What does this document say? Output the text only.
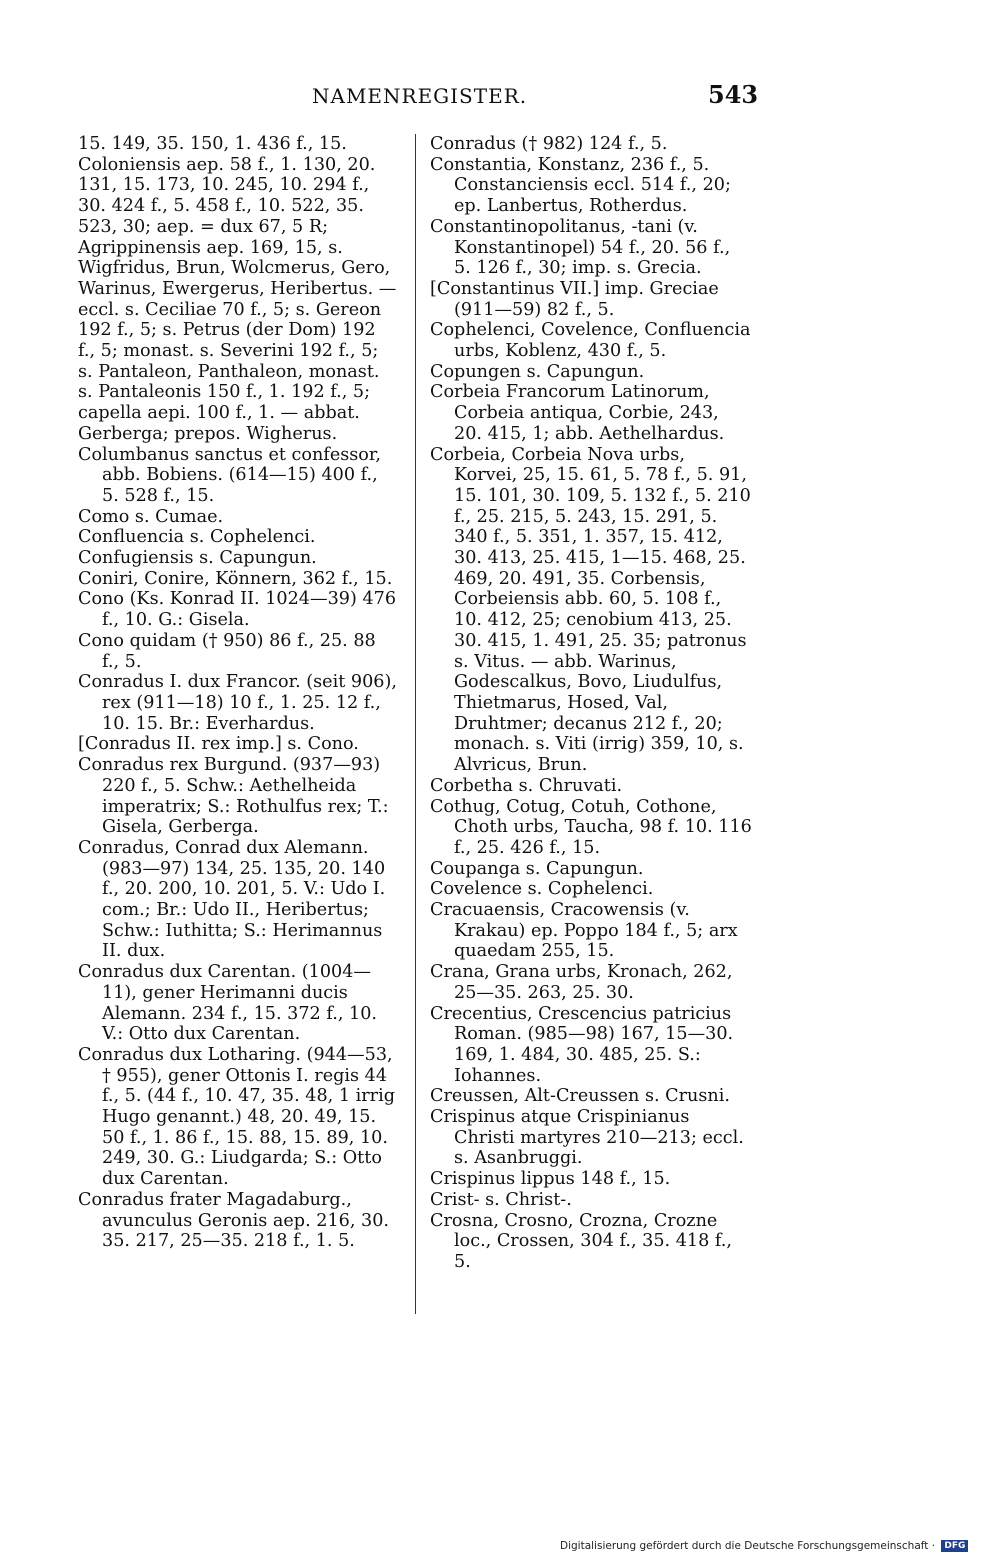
NAMENREGISTER.	543

15. 149, 35. 150, 1. 436 f., 15. Coloniensis aep. 58 f., 1. 130, 20. 131, 15. 173, 10. 245, 10. 294 f., 30. 424 f., 5. 458 f., 10. 522, 35. 523, 30; aep. = dux 67, 5 R; Agrippinensis aep. 169, 15, s. Wigfridus, Brun, Wolcmerus, Gero, Warinus, Ewergerus, Heribertus. — eccl. s. Ceciliae 70 f., 5; s. Gereon 192 f., 5; s. Petrus (der Dom) 192 f., 5; monast. s. Severini 192 f., 5; s. Pantaleon, Panthaleon, monast. s. Pantaleonis 150 f., 1. 192 f., 5; capella aepi. 100 f., 1. — abbat. Gerberga; prepos. Wigherus.

Columbanus sanctus et confessor, abb. Bobiens. (614—15) 400 f., 5. 528 f., 15.

Como s. Cumae.

Confluencia s. Cophelenci.

Confugiensis s. Capungun.

Coniri, Conire, Könnern, 362 f., 15.

Cono (Ks. Konrad II. 1024—39) 476 f., 10. G.: Gisela.

Cono quidam († 950) 86 f., 25. 88 f., 5.

Conradus I. dux Francor. (seit 906), rex (911—18) 10 f., 1. 25. 12 f., 10. 15. Br.: Everhardus.

[Conradus II. rex imp.] s. Cono.

Conradus rex Burgund. (937—93) 220 f., 5. Schw.: Aethelheida imperatrix; S.: Rothulfus rex; T.: Gisela, Gerberga.

Conradus, Conrad dux Alemann. (983—97) 134, 25. 135, 20. 140 f., 20. 200, 10. 201, 5. V.: Udo I. com.; Br.: Udo II., Heribertus; Schw.: Iuthitta; S.: Herimannus II. dux.

Conradus dux Carentan. (1004—11), gener Herimanni ducis Alemann. 234 f., 15. 372 f., 10. V.: Otto dux Carentan.

Conradus dux Lotharing. (944—53, † 955), gener Ottonis I. regis 44 f., 5. (44 f., 10. 47, 35. 48, 1 irrig Hugo genannt.) 48, 20. 49, 15. 50 f., 1. 86 f., 15. 88, 15. 89, 10. 249, 30. G.: Liudgarda; S.: Otto dux Carentan.

Conradus frater Magadaburg., avunculus Geronis aep. 216, 30. 35. 217, 25—35. 218 f., 1. 5.

Conradus († 982) 124 f., 5.

Constantia, Konstanz, 236 f., 5. Constanciensis eccl. 514 f., 20; ep. Lanbertus, Rotherdus.

Constantinopolitanus, -tani (v. Konstantinopel) 54 f., 20. 56 f., 5. 126 f., 30; imp. s. Grecia.

[Constantinus VII.] imp. Greciae (911—59) 82 f., 5.

Cophelenci, Covelence, Confluencia urbs, Koblenz, 430 f., 5.

Copungen s. Capungun.

Corbeia Francorum Latinorum, Corbeia antiqua, Corbie, 243, 20. 415, 1; abb. Aethelhardus.

Corbeia, Corbeia Nova urbs, Korvei, 25, 15. 61, 5. 78 f., 5. 91, 15. 101, 30. 109, 5. 132 f., 5. 210 f., 25. 215, 5. 243, 15. 291, 5. 340 f., 5. 351, 1. 357, 15. 412, 30. 413, 25. 415, 1—15. 468, 25. 469, 20. 491, 35. Corbensis, Corbeiensis abb. 60, 5. 108 f., 10. 412, 25; cenobium 413, 25. 30. 415, 1. 491, 25. 35; patronus s. Vitus. — abb. Warinus, Godescalkus, Bovo, Liudulfus, Thietmarus, Hosed, Val, Druhtmer; decanus 212 f., 20; monach. s. Viti (irrig) 359, 10, s. Alvricus, Brun.

Corbetha s. Chruvati.

Cothug, Cotug, Cotuh, Cothone, Choth urbs, Taucha, 98 f. 10. 116 f., 25. 426 f., 15.

Coupanga s. Capungun.

Covelence s. Cophelenci.

Cracuaensis, Cracowensis (v. Krakau) ep. Poppo 184 f., 5; arx quaedam 255, 15.

Crana, Grana urbs, Kronach, 262, 25—35. 263, 25. 30.

Crecentius, Crescencius patricius Roman. (985—98) 167, 15—30. 169, 1. 484, 30. 485, 25. S.: Iohannes.

Creussen, Alt-Creussen s. Crusni.

Crispinus atque Crispinianus Christi martyres 210—213; eccl. s. Asanbruggi.

Crispinus lippus 148 f., 15.

Crist- s. Christ-.

Crosna, Crosno, Crozna, Crozne loc., Crossen, 304 f., 35. 418 f., 5.

Digitalisierung gefördert durch die Deutsche Forschungsgemeinschaft · DFG
